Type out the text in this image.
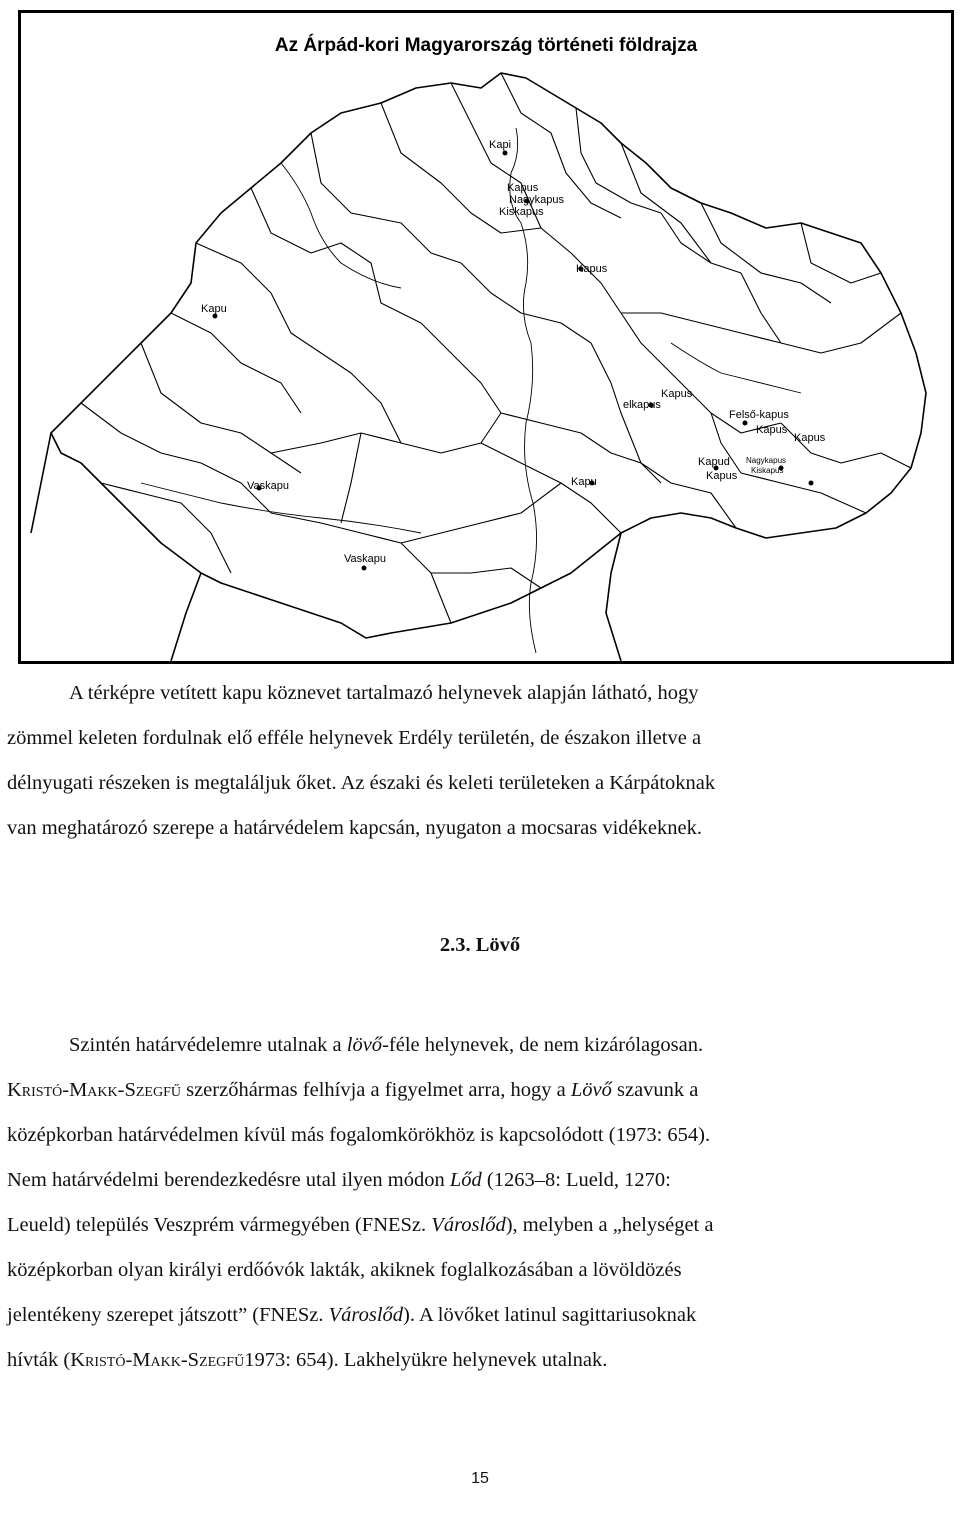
Az Árpád-kori Magyarország történeti földrajza
Kapi
Kapus
Nagykapus
Kiskapus
Kapus
Kapu
Vaskapu
Vaskapu
Kapu
Kapus
elkapus
Felső-kapus
Kapus
Kapus
Kapud
Kapus
Nagykapus
Kiskapus

A térképre vetített kapu köznevet tartalmazó helynevek alapján látható, hogy

zömmel keleten fordulnak elő efféle helynevek Erdély területén, de északon illetve a

délnyugati részeken is megtaláljuk őket. Az északi és keleti területeken a Kárpátoknak

van meghatározó szerepe a határvédelem kapcsán, nyugaton a mocsaras vidékeknek.

2.3. Lövő

Szintén határvédelemre utalnak a lövő-féle helynevek, de nem kizárólagosan.

Kristó-Makk-Szegfű szerzőhármas felhívja a figyelmet arra, hogy a Lövő szavunk a

középkorban határvédelmen kívül más fogalomkörökhöz is kapcsolódott (1973: 654).

Nem határvédelmi berendezkedésre utal ilyen módon Lőd (1263–8: Lueld, 1270:

Leueld) település Veszprém vármegyében (FNESz. Városlőd), melyben a „helységet a

középkorban olyan királyi erdőóvók lakták, akiknek foglalkozásában a lövöldözés

jelentékeny szerepet játszott” (FNESz. Városlőd). A lövőket latinul sagittariusoknak

hívták (Kristó-Makk-Szegfű1973: 654). Lakhelyükre helynevek utalnak.

15
